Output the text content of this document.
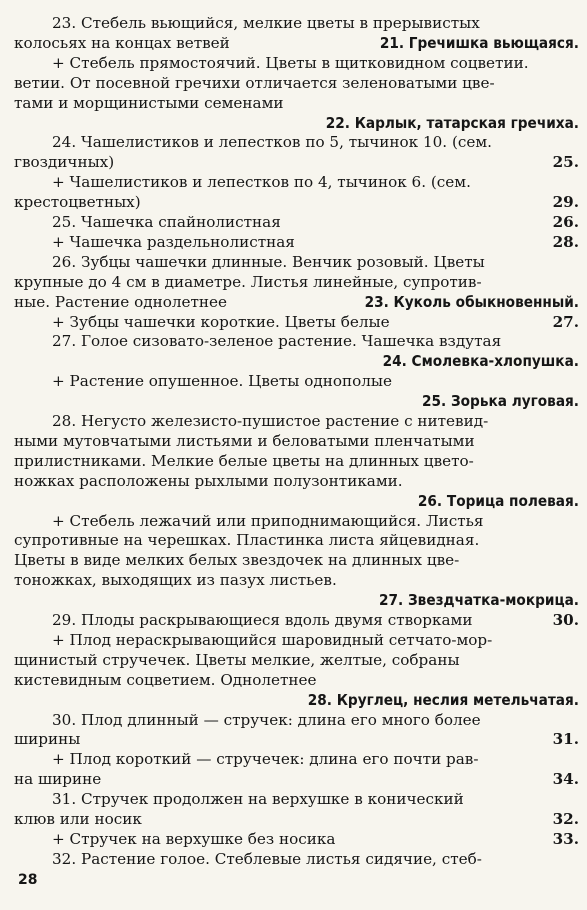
23. Стебель вьющийся, мелкие цветы в прерывистых
колосьях на концах ветвей	21. Гречишка вьющаяся.
+ Стебель прямостоячий. Цветы в щитковидном соцветии.
ветии. От посевной гречихи отличается зеленоватыми цве-
тами и морщинистыми семенами
22. Карлык, татарская гречиха.
24. Чашелистиков и лепестков по 5, тычинок 10. (сем.
гвоздичных)	25.
+ Чашелистиков и лепестков по 4, тычинок 6. (сем.
крестоцветных)	29.
25. Чашечка спайнолистная	26.
+ Чашечка раздельнолистная	28.
26. Зубцы чашечки длинные. Венчик розовый. Цветы
крупные до 4 см в диаметре. Листья линейные, супротив-
ные. Растение однолетнее	23. Куколь обыкновенный.
+ Зубцы чашечки короткие. Цветы белые	27.
27. Голое сизовато-зеленое растение. Чашечка вздутая
24. Смолевка-хлопушка.
+ Растение опушенное. Цветы однополые
25. Зорька луговая.
28. Негусто железисто-пушистое растение с нитевид-
ными мутовчатыми листьями и беловатыми пленчатыми
прилистниками. Мелкие белые цветы на длинных цвето-
ножках расположены рыхлыми полузонтиками.
26. Торица полевая.
+ Стебель лежачий или приподнимающийся. Листья
супротивные на черешках. Пластинка листа яйцевидная.
Цветы в виде мелких белых звездочек на длинных цве-
тоножках, выходящих из пазух листьев.
27. Звездчатка-мокрица.
29. Плоды раскрывающиеся вдоль двумя створками	30.
+ Плод нераскрывающийся шаровидный сетчато-мор-
щинистый стручечек. Цветы мелкие, желтые, собраны
кистевидным соцветием. Однолетнее
28. Круглец, неслия метельчатая.
30. Плод длинный — стручек: длина его много более
ширины	31.
+ Плод короткий — стручечек: длина его почти рав-
на ширине	34.
31. Стручек продолжен на верхушке в конический
клюв или носик	32.
+ Стручек на верхушке без носика	33.
32. Растение голое. Стеблевые листья сидячие, стеб-
28
